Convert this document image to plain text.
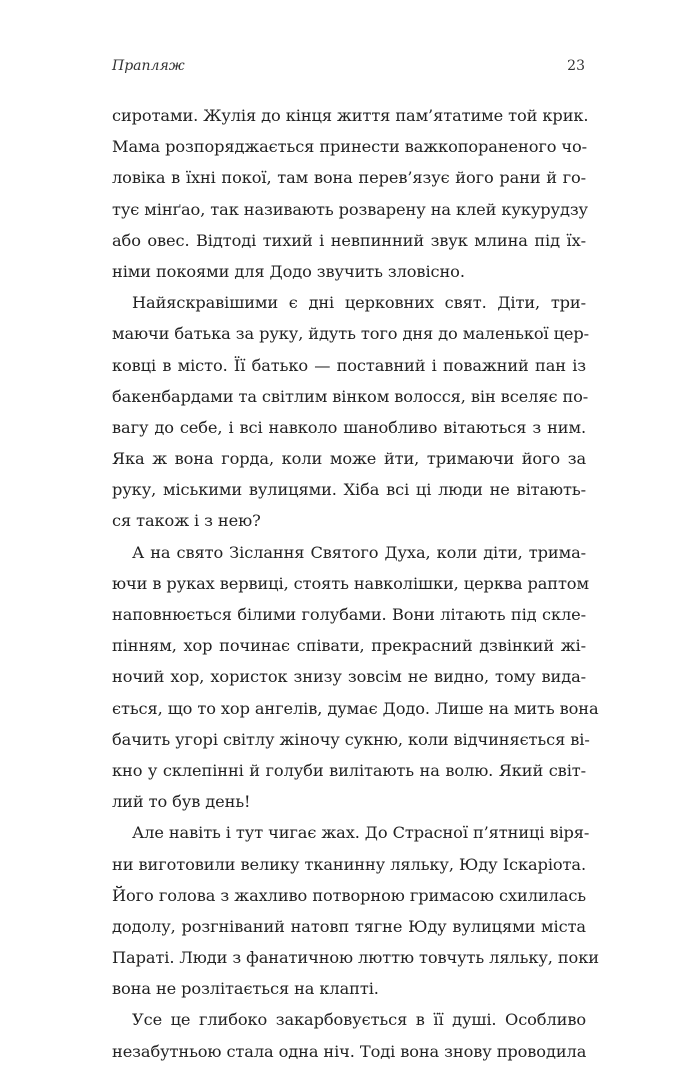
Прапляж	23
сиротами. Жулія до кінця життя пам’ятатиме той крик.
Мама розпоряджається принести важкопораненого чо-
ловіка в їхні покої, там вона перев’язує його рани й го-
тує мінґао, так називають розварену на клей кукурудзу
або овес. Відтоді тихий і невпинний звук млина під їх-
німи покоями для Додо звучить зловісно.
Найяскравішими є дні церковних свят. Діти, три-
маючи батька за руку, йдуть того дня до маленької цер-
ковці в місто. Її батько — поставний і поважний пан із
бакенбардами та світлим вінком волосся, він вселяє по-
вагу до себе, і всі навколо шанобливо вітаються з ним.
Яка ж вона горда, коли може йти, тримаючи його за
руку, міськими вулицями. Хіба всі ці люди не вітають-
ся також і з нею?
А на свято Зіслання Святого Духа, коли діти, трима-
ючи в руках вервиці, стоять навколішки, церква раптом
наповнюється білими голубами. Вони літають під скле-
пінням, хор починає співати, прекрасний дзвінкий жі-
ночий хор, хористок знизу зовсім не видно, тому вида-
ється, що то хор ангелів, думає Додо. Лише на мить вона
бачить угорі світлу жіночу сукню, коли відчиняється ві-
кно у склепінні й голуби вилітають на волю. Який світ-
лий то був день!
Але навіть і тут чигає жах. До Страсної п’ятниці віря-
ни виготовили велику тканинну ляльку, Юду Іскаріота.
Його голова з жахливо потворною гримасою схилилась
додолу, розгніваний натовп тягне Юду вулицями міста
Параті. Люди з фанатичною люттю товчуть ляльку, поки
вона не розлітається на клапті.
Усе це глибоко закарбовується в її душі. Особливо
незабутньою стала одна ніч. Тоді вона знову проводила
